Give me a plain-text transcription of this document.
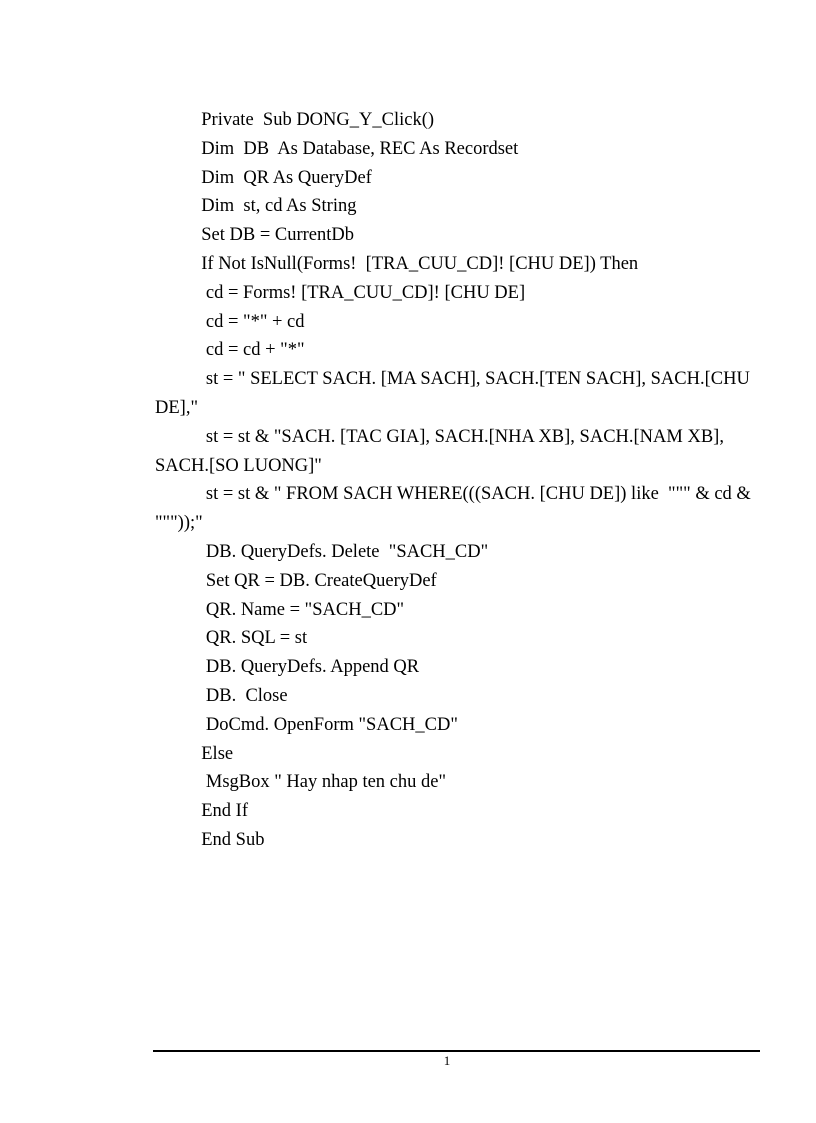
Private  Sub DONG_Y_Click()
Dim  DB  As Database, REC As Recordset
Dim  QR As QueryDef
Dim  st, cd As String
Set DB = CurrentDb
If Not IsNull(Forms!  [TRA_CUU_CD]! [CHU DE]) Then
cd = Forms! [TRA_CUU_CD]! [CHU DE]
cd = "*" + cd
cd = cd + "*"
st = " SELECT SACH. [MA SACH], SACH.[TEN SACH], SACH.[CHU DE],"
st = st & "SACH. [TAC GIA], SACH.[NHA XB], SACH.[NAM XB], SACH.[SO LUONG]"
st = st & " FROM SACH WHERE(((SACH. [CHU DE]) like  """ & cd & """));"
DB. QueryDefs. Delete  "SACH_CD"
Set QR = DB. CreateQueryDef
QR. Name = "SACH_CD"
QR. SQL = st
DB. QueryDefs. Append QR
DB.  Close
DoCmd. OpenForm "SACH_CD"
Else
MsgBox " Hay nhap ten chu de"
End If
End Sub
1
